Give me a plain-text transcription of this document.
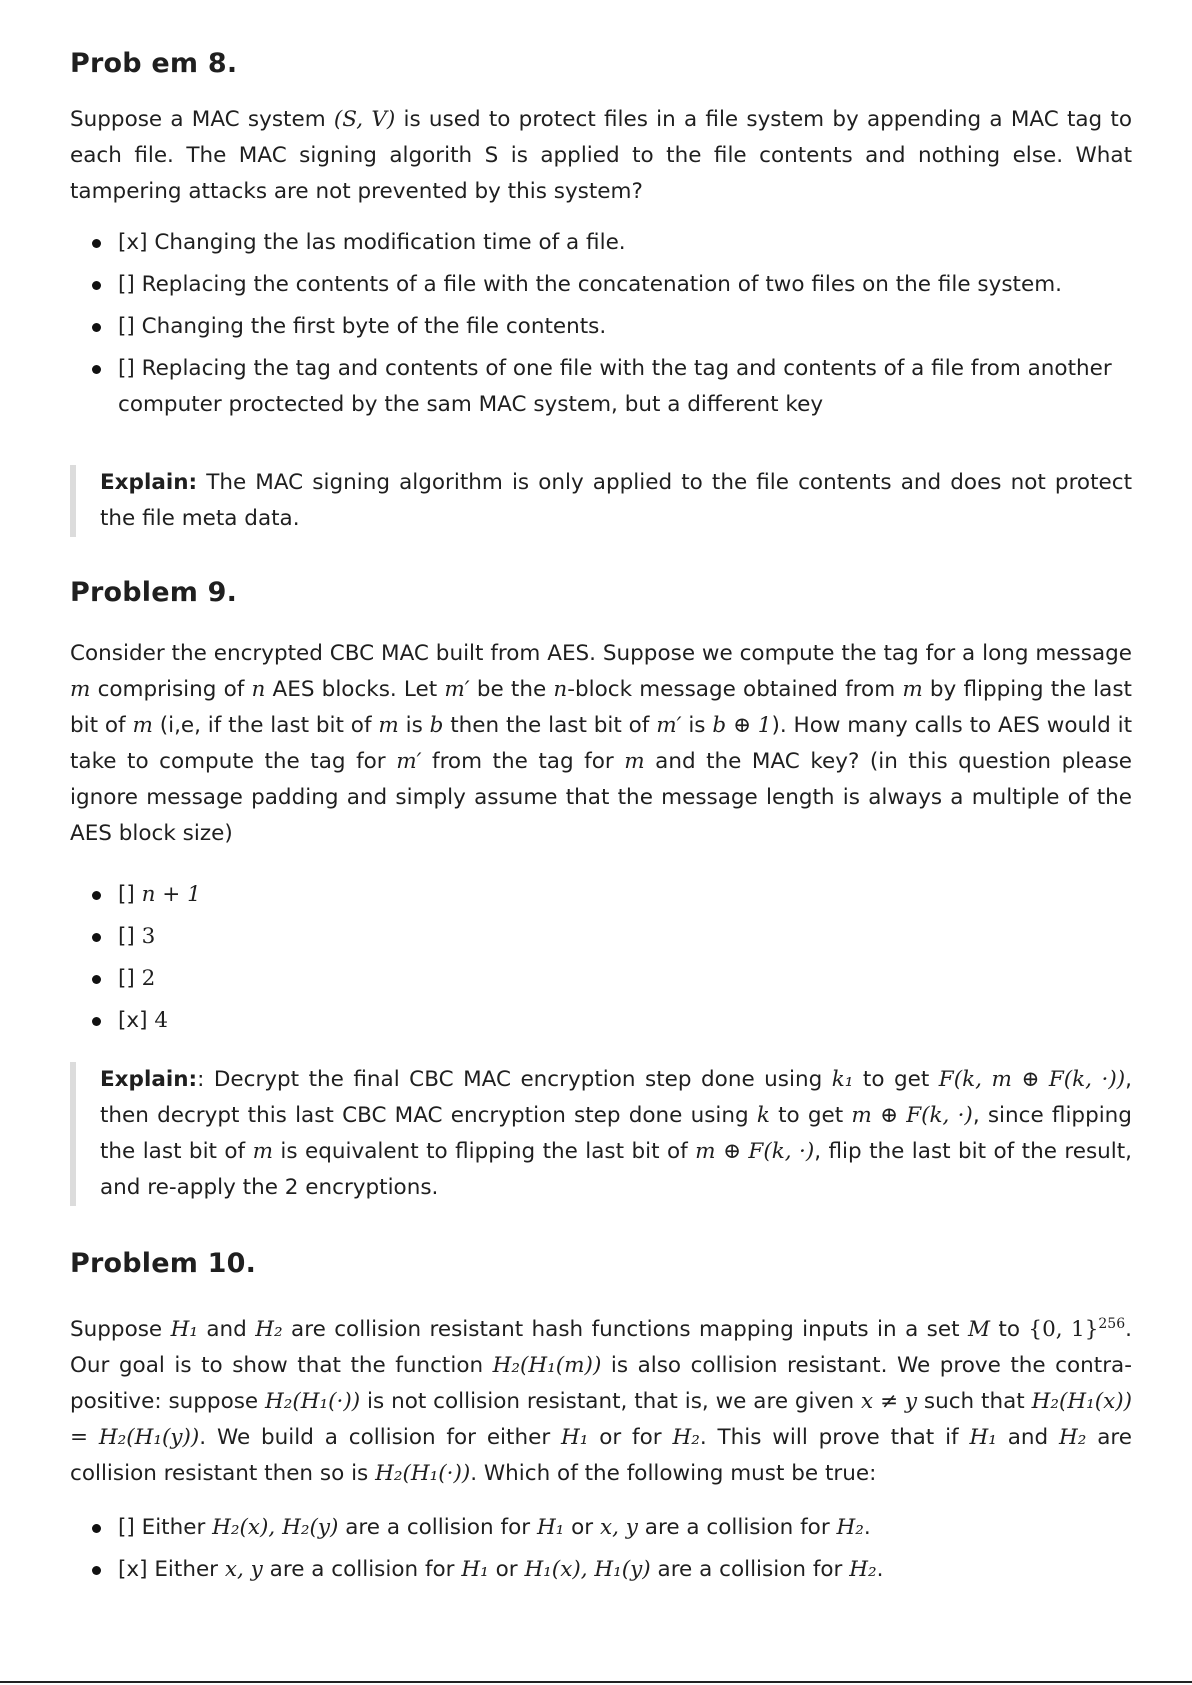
Prob em 8.

Suppose a MAC system (S, V) is used to protect files in a file system by appending a MAC tag to each file. The MAC signing algorith S is applied to the file contents and nothing else. What tampering attacks are not prevented by this system?

[x] Changing the las modification time of a file.
[] Replacing the contents of a file with the concatenation of two files on the file system.
[] Changing the first byte of the file contents.
[] Replacing the tag and contents of one file with the tag and contents of a file from another computer proctected by the sam MAC system, but a different key
Explain: The MAC signing algorithm is only applied to the file contents and does not protect the file meta data.
Problem 9.

Consider the encrypted CBC MAC built from AES. Suppose we compute the tag for a long message m comprising of n AES blocks. Let m′ be the n-block message obtained from m by flipping the last bit of m (i,e, if the last bit of m is b then the last bit of m′ is b ⊕ 1). How many calls to AES would it take to compute the tag for m′ from the tag for m and the MAC key? (in this question please ignore message padding and simply assume that the message length is always a multiple of the AES block size)

[] n + 1
[] 3
[] 2
[x] 4
Explain:: Decrypt the final CBC MAC encryption step done using k₁ to get F(k, m ⊕ F(k, ·)), then decrypt this last CBC MAC encryption step done using k to get m ⊕ F(k, ·), since flipping the last bit of m is equivalent to flipping the last bit of m ⊕ F(k, ·), flip the last bit of the result, and re-apply the 2 encryptions.
Problem 10.

Suppose H₁ and H₂ are collision resistant hash functions mapping inputs in a set M to {0, 1}$^{256}$. Our goal is to show that the function H₂(H₁(m)) is also collision resistant. We prove the contra-positive: suppose H₂(H₁(·)) is not collision resistant, that is, we are given x ≠ y such that H₂(H₁(x)) = H₂(H₁(y)). We build a collision for either H₁ or for H₂. This will prove that if H₁ and H₂ are collision resistant then so is H₂(H₁(·)). Which of the following must be true:

[] Either H₂(x), H₂(y) are a collision for H₁ or x, y are a collision for H₂.
[x] Either x, y are a collision for H₁ or H₁(x), H₁(y) are a collision for H₂.
